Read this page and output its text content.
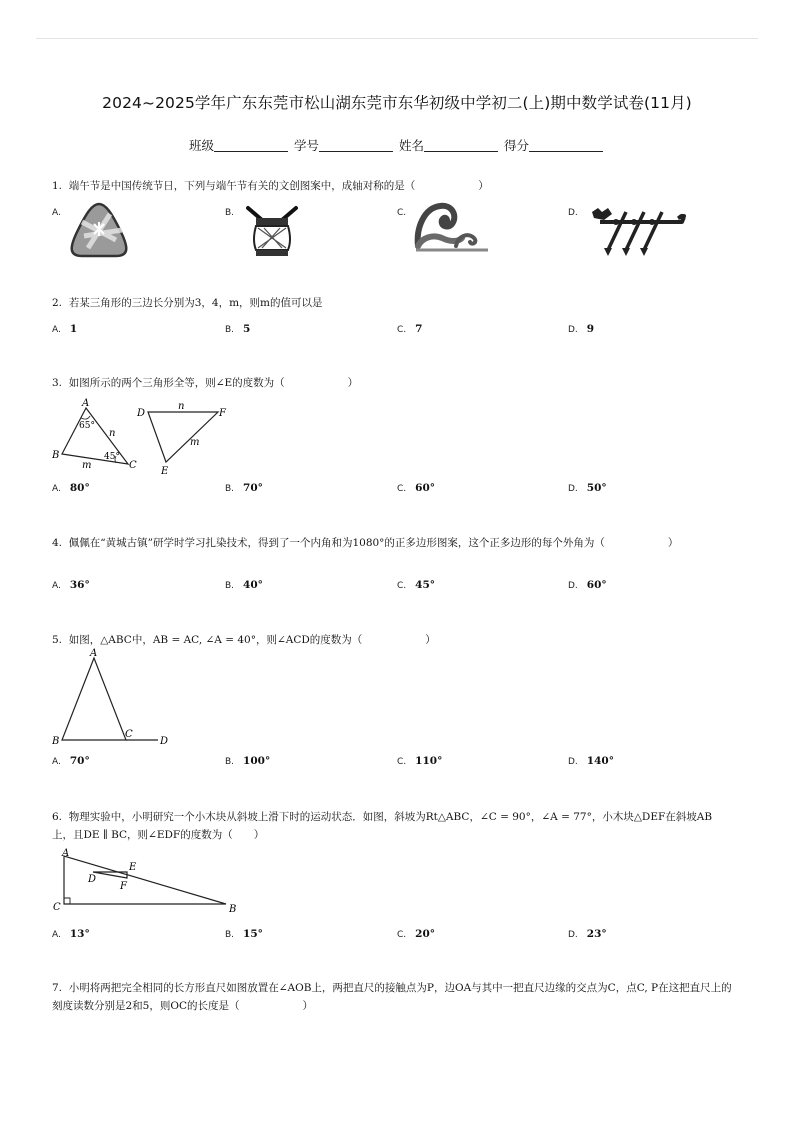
2024~2025学年广东东莞市松山湖东莞市东华初级中学初二(上)期中数学试卷(11月)
班级	学号	姓名	得分
1. 端午节是中国传统节日，下列与端午节有关的文创图案中，成轴对称的是（　　　　　　）
A.	B.	C.	D.
2. 若某三角形的三边长分别为3，4，m，则m的值可以是
A. 1	B. 5	C. 7	D. 9
3. 如图所示的两个三角形全等，则∠E的度数为（　　　　　　）
A
B
C
65°
45°
n
m
D	F
E
n
m
A. 80°	B. 70°	C. 60°	D. 50°
4. 佩佩在“黄城古镇”研学时学习扎染技术，得到了一个内角和为1080°的正多边形图案，这个正多边形的每个外角为（　　　　　　）
A. 36°	B. 40°	C. 45°	D. 60°
5. 如图，△ABC中，AB = AC, ∠A = 40°，则∠ACD的度数为（　　　　　　）
A
B
C
D
A. 70°	B. 100°	C. 110°	D. 140°
6. 物理实验中，小明研究一个小木块从斜坡上滑下时的运动状态．如图，斜坡为Rt△ABC，∠C = 90°，∠A = 77°，小木块△DEF在斜坡AB上，且DE ∥ BC，则∠EDF的度数为（　　）
A
E
D
F
C	B
A. 13°	B. 15°	C. 20°	D. 23°
7. 小明将两把完全相同的长方形直尺如图放置在∠AOB上，两把直尺的接触点为P，边OA与其中一把直尺边缘的交点为C，点C, P在这把直尺上的刻度读数分别是2和5，则OC的长度是（　　　　　　）
